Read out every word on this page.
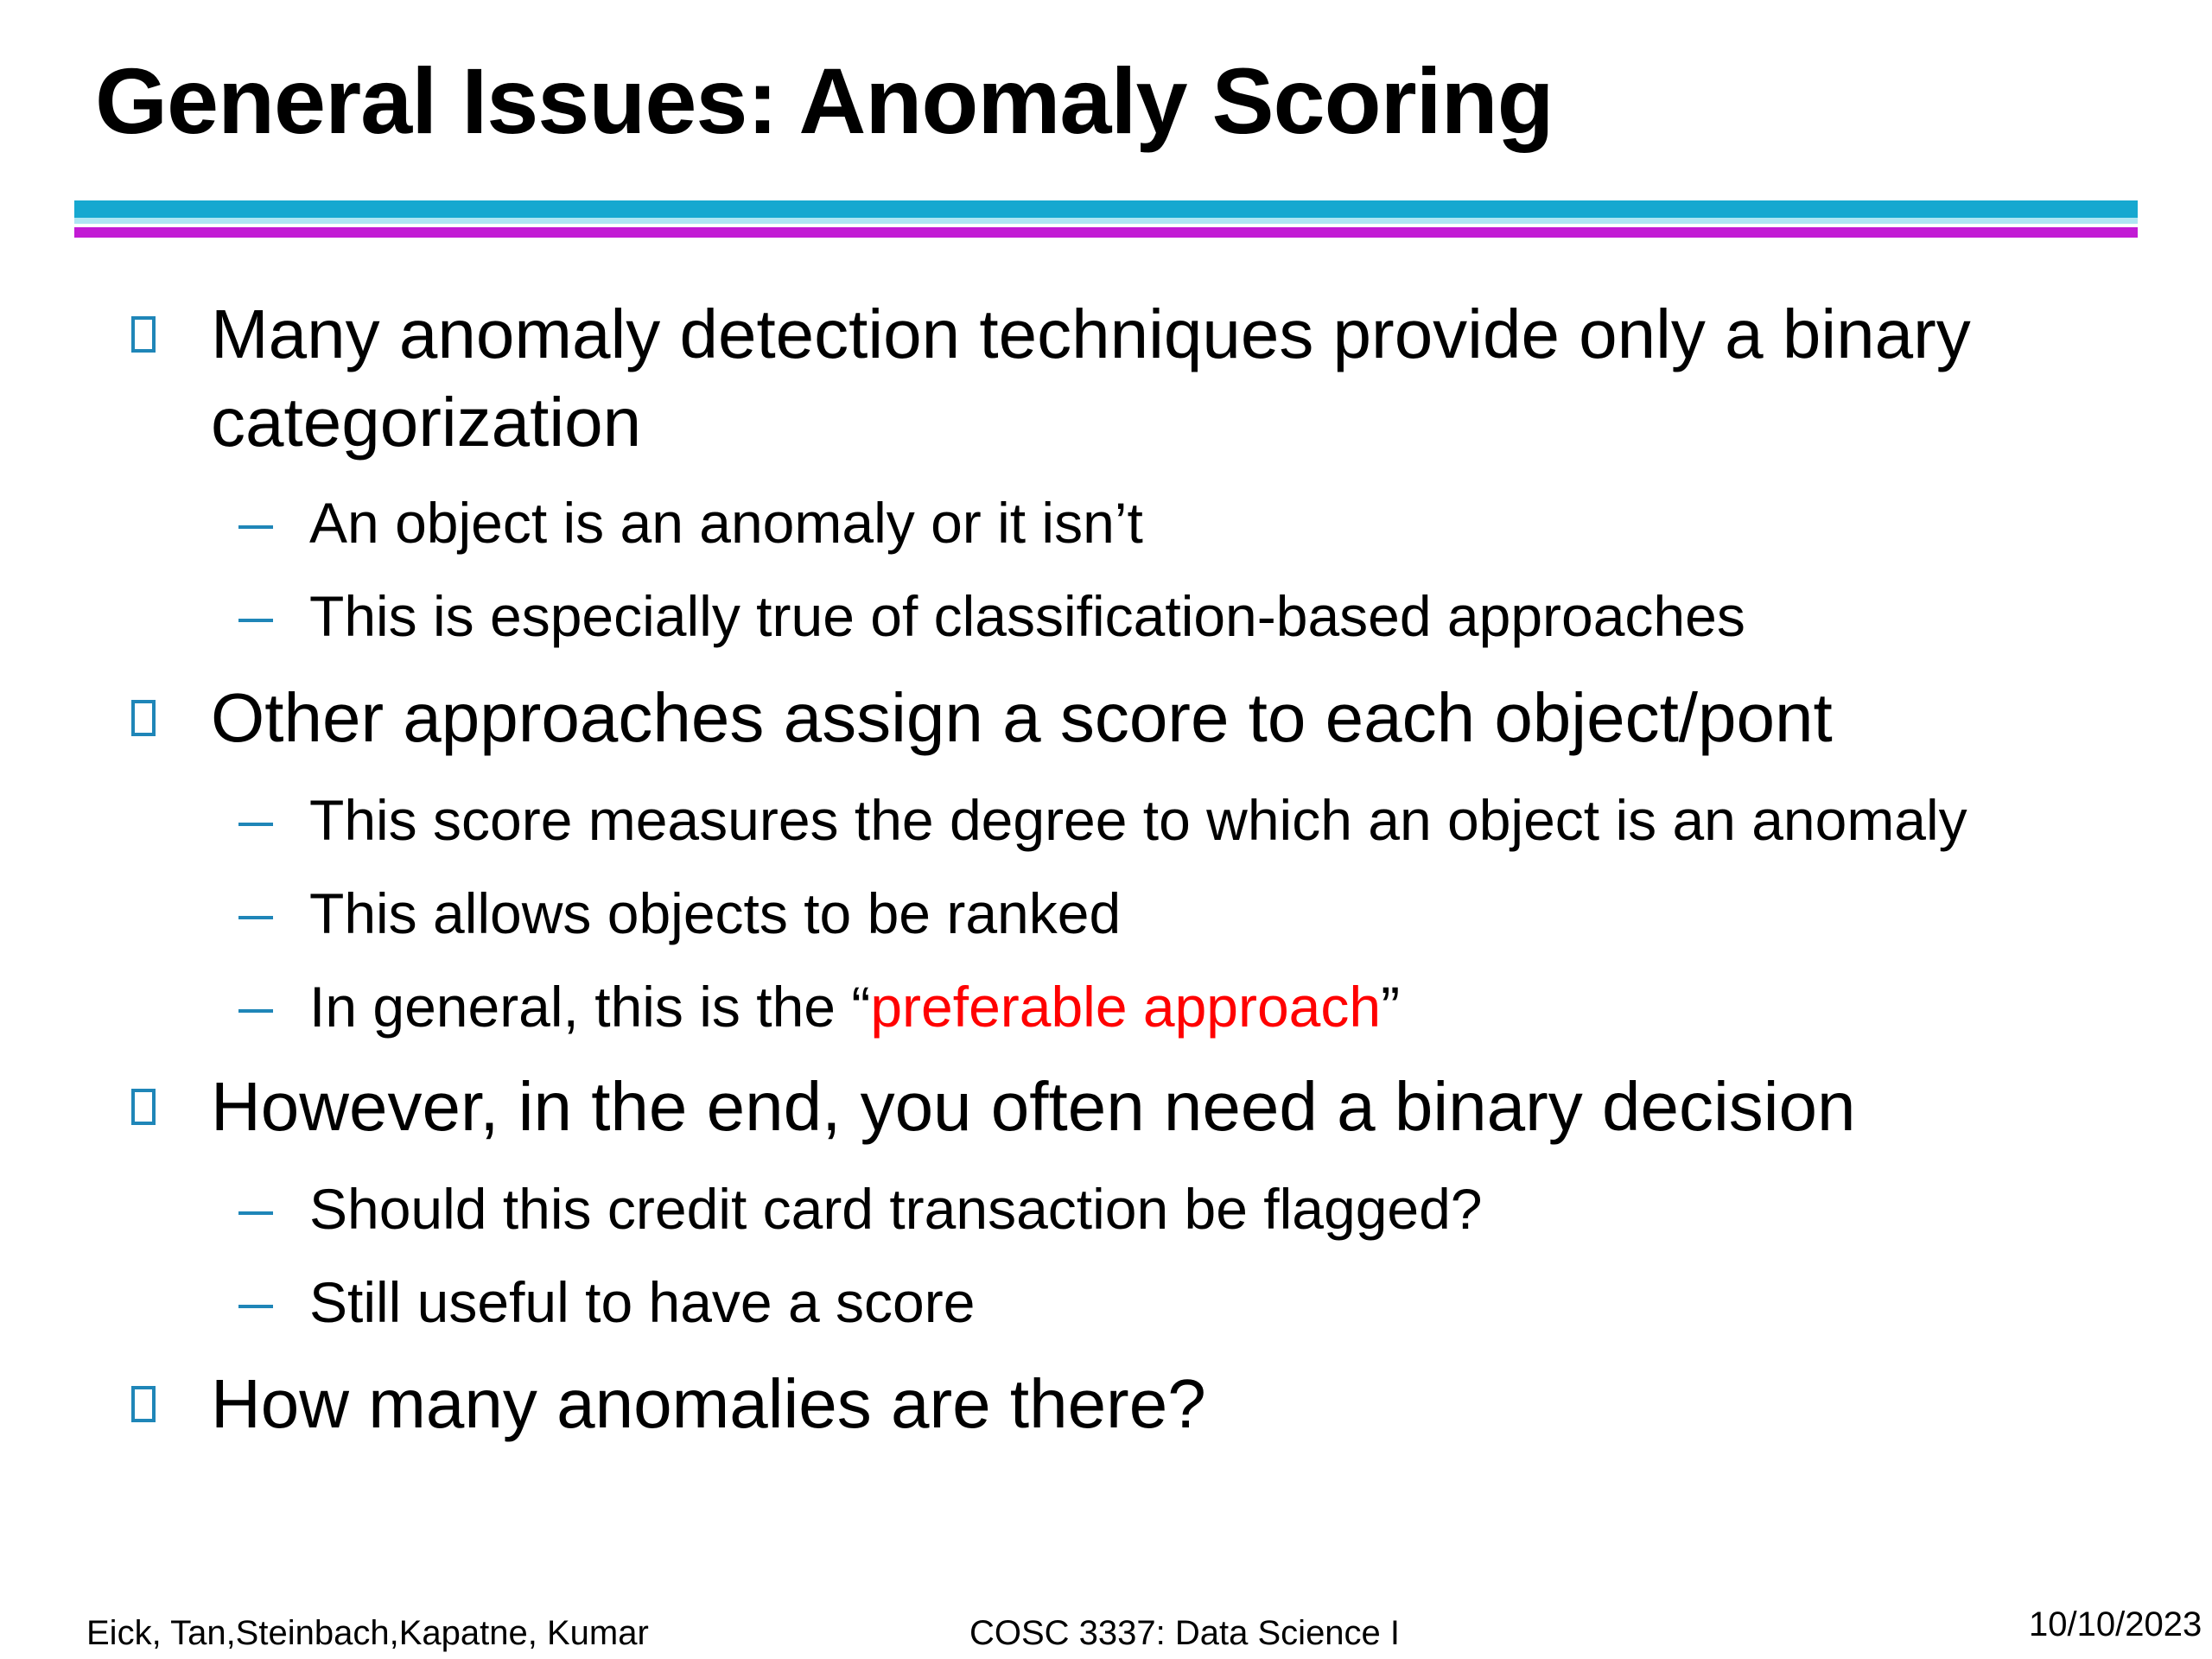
General Issues: Anomaly Scoring
Many anomaly detection techniques provide only a binary categorization
An object is an anomaly or it isn’t
This is especially true of classification-based approaches
Other approaches assign a score to each object/pont
This score measures the degree to which an object is an anomaly
This allows objects to be ranked
In general, this is the “preferable approach”
However, in the end, you often need a binary decision
Should this credit card transaction be flagged?
Still useful to have a score
How many anomalies are there?
Eick, Tan,Steinbach,Kapatne, Kumar	COSC 3337: Data Science I	10/10/2023
